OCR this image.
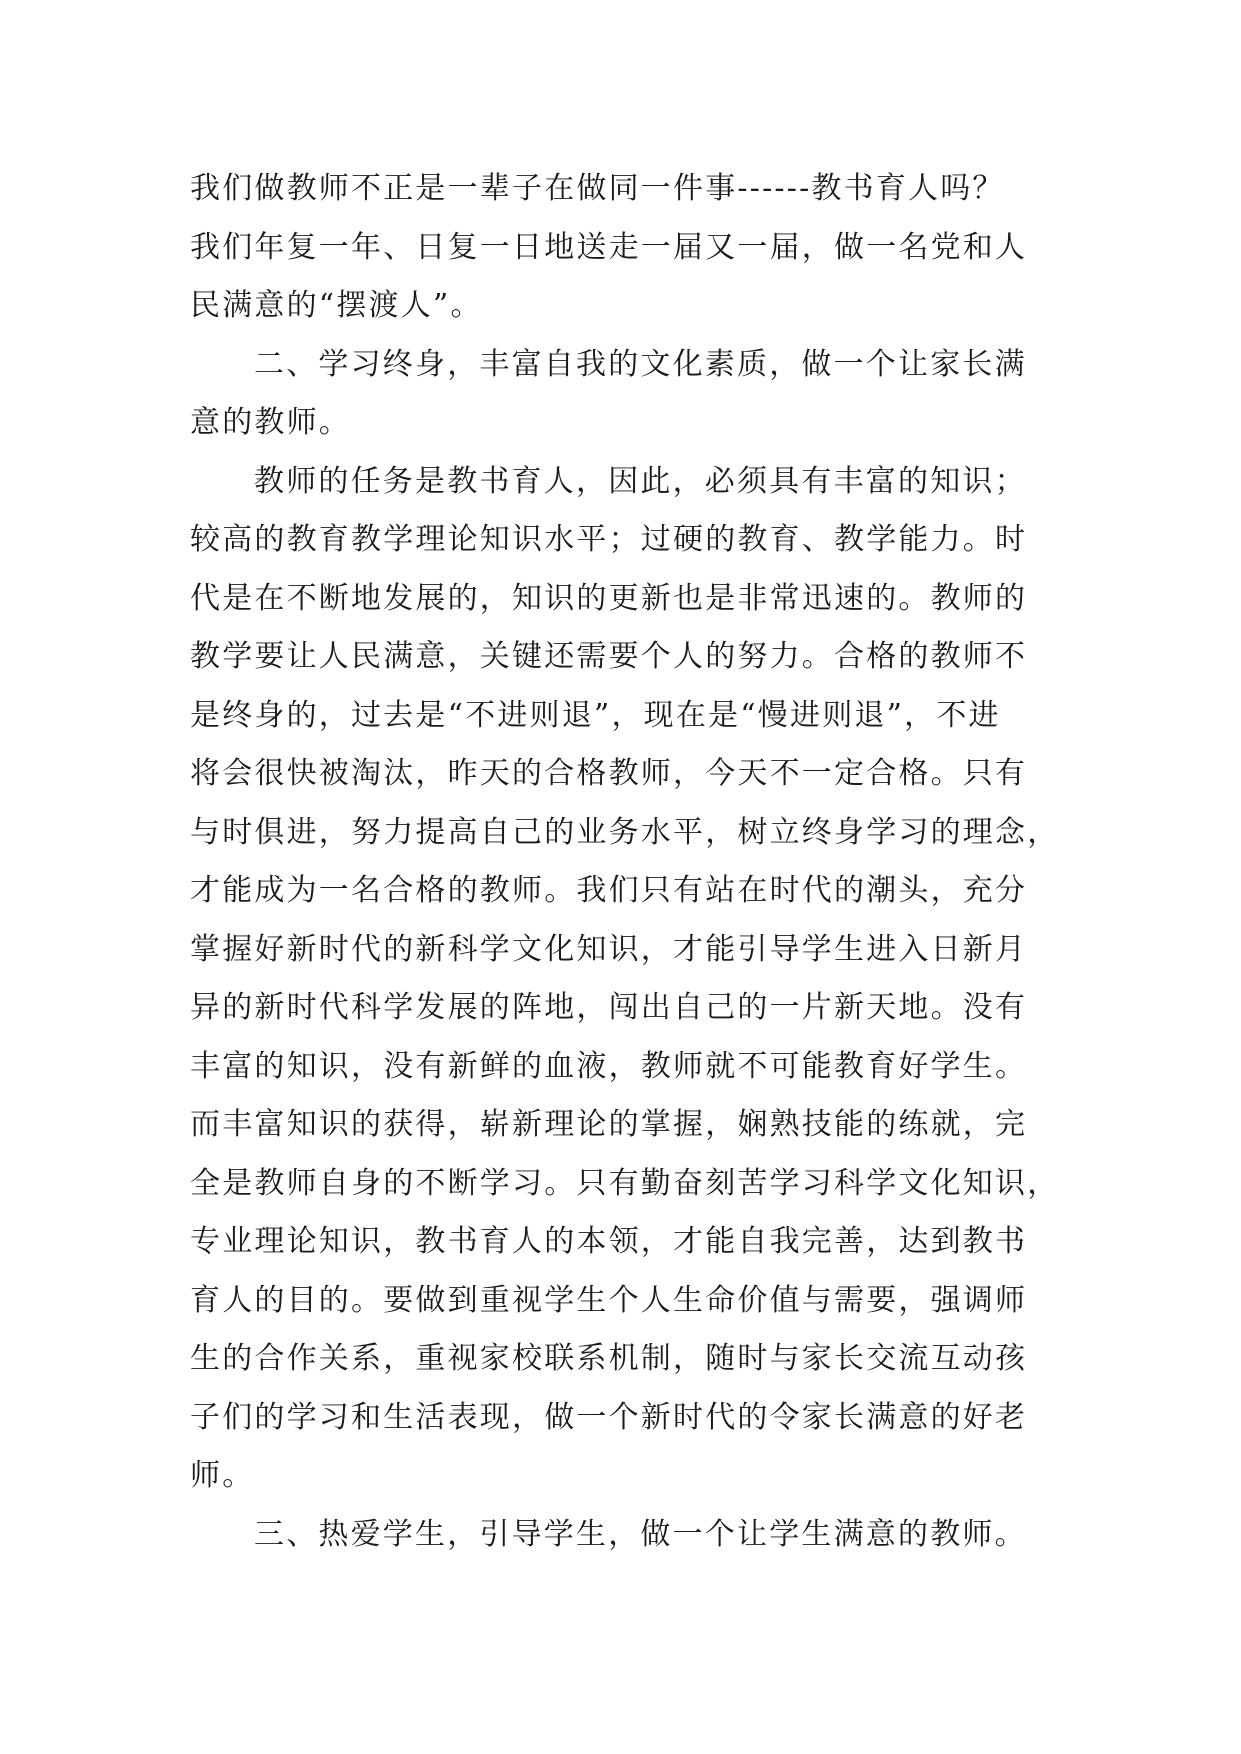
我们做教师不正是一辈子在做同一件事------教书育人吗？
我们年复一年、日复一日地送走一届又一届，做一名党和人
民满意的“摆渡人”。

二、学习终身，丰富自我的文化素质，做一个让家长满
意的教师。

教师的任务是教书育人，因此，必须具有丰富的知识；
较高的教育教学理论知识水平；过硬的教育、教学能力。时
代是在不断地发展的，知识的更新也是非常迅速的。教师的
教学要让人民满意，关键还需要个人的努力。合格的教师不
是终身的，过去是“不进则退”，现在是“慢进则退”，不进
将会很快被淘汰，昨天的合格教师，今天不一定合格。只有
与时俱进，努力提高自己的业务水平，树立终身学习的理念，
才能成为一名合格的教师。我们只有站在时代的潮头，充分
掌握好新时代的新科学文化知识，才能引导学生进入日新月
异的新时代科学发展的阵地，闯出自己的一片新天地。没有
丰富的知识，没有新鲜的血液，教师就不可能教育好学生。
而丰富知识的获得，崭新理论的掌握，娴熟技能的练就，完
全是教师自身的不断学习。只有勤奋刻苦学习科学文化知识，
专业理论知识，教书育人的本领，才能自我完善，达到教书
育人的目的。要做到重视学生个人生命价值与需要，强调师
生的合作关系，重视家校联系机制，随时与家长交流互动孩
子们的学习和生活表现，做一个新时代的令家长满意的好老
师。

三、热爱学生，引导学生，做一个让学生满意的教师。
